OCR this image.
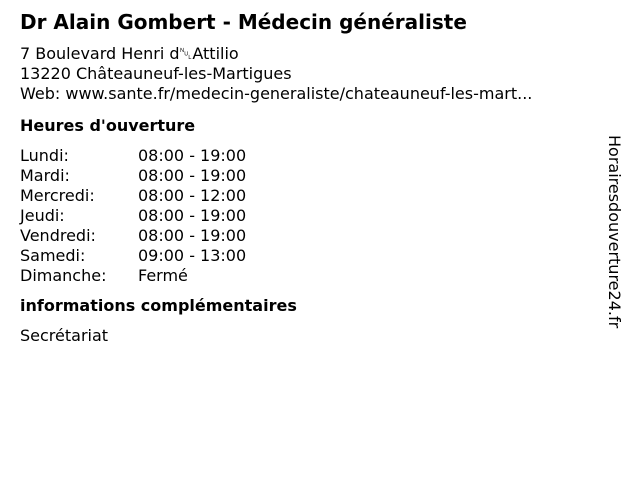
Dr Alain Gombert - Médecin généraliste
7 Boulevard Henri d␀Attilio
13220 Châteauneuf-les-Martigues
Web: www.sante.fr/medecin-generaliste/chateauneuf-les-mart...
Heures d'ouverture
Lundi:	08:00 - 19:00
Mardi:	08:00 - 19:00
Mercredi:	08:00 - 12:00
Jeudi:	08:00 - 19:00
Vendredi:	08:00 - 19:00
Samedi:	09:00 - 13:00
Dimanche:	Fermé
informations complémentaires
Secrétariat
Horairesdouverture24.fr
